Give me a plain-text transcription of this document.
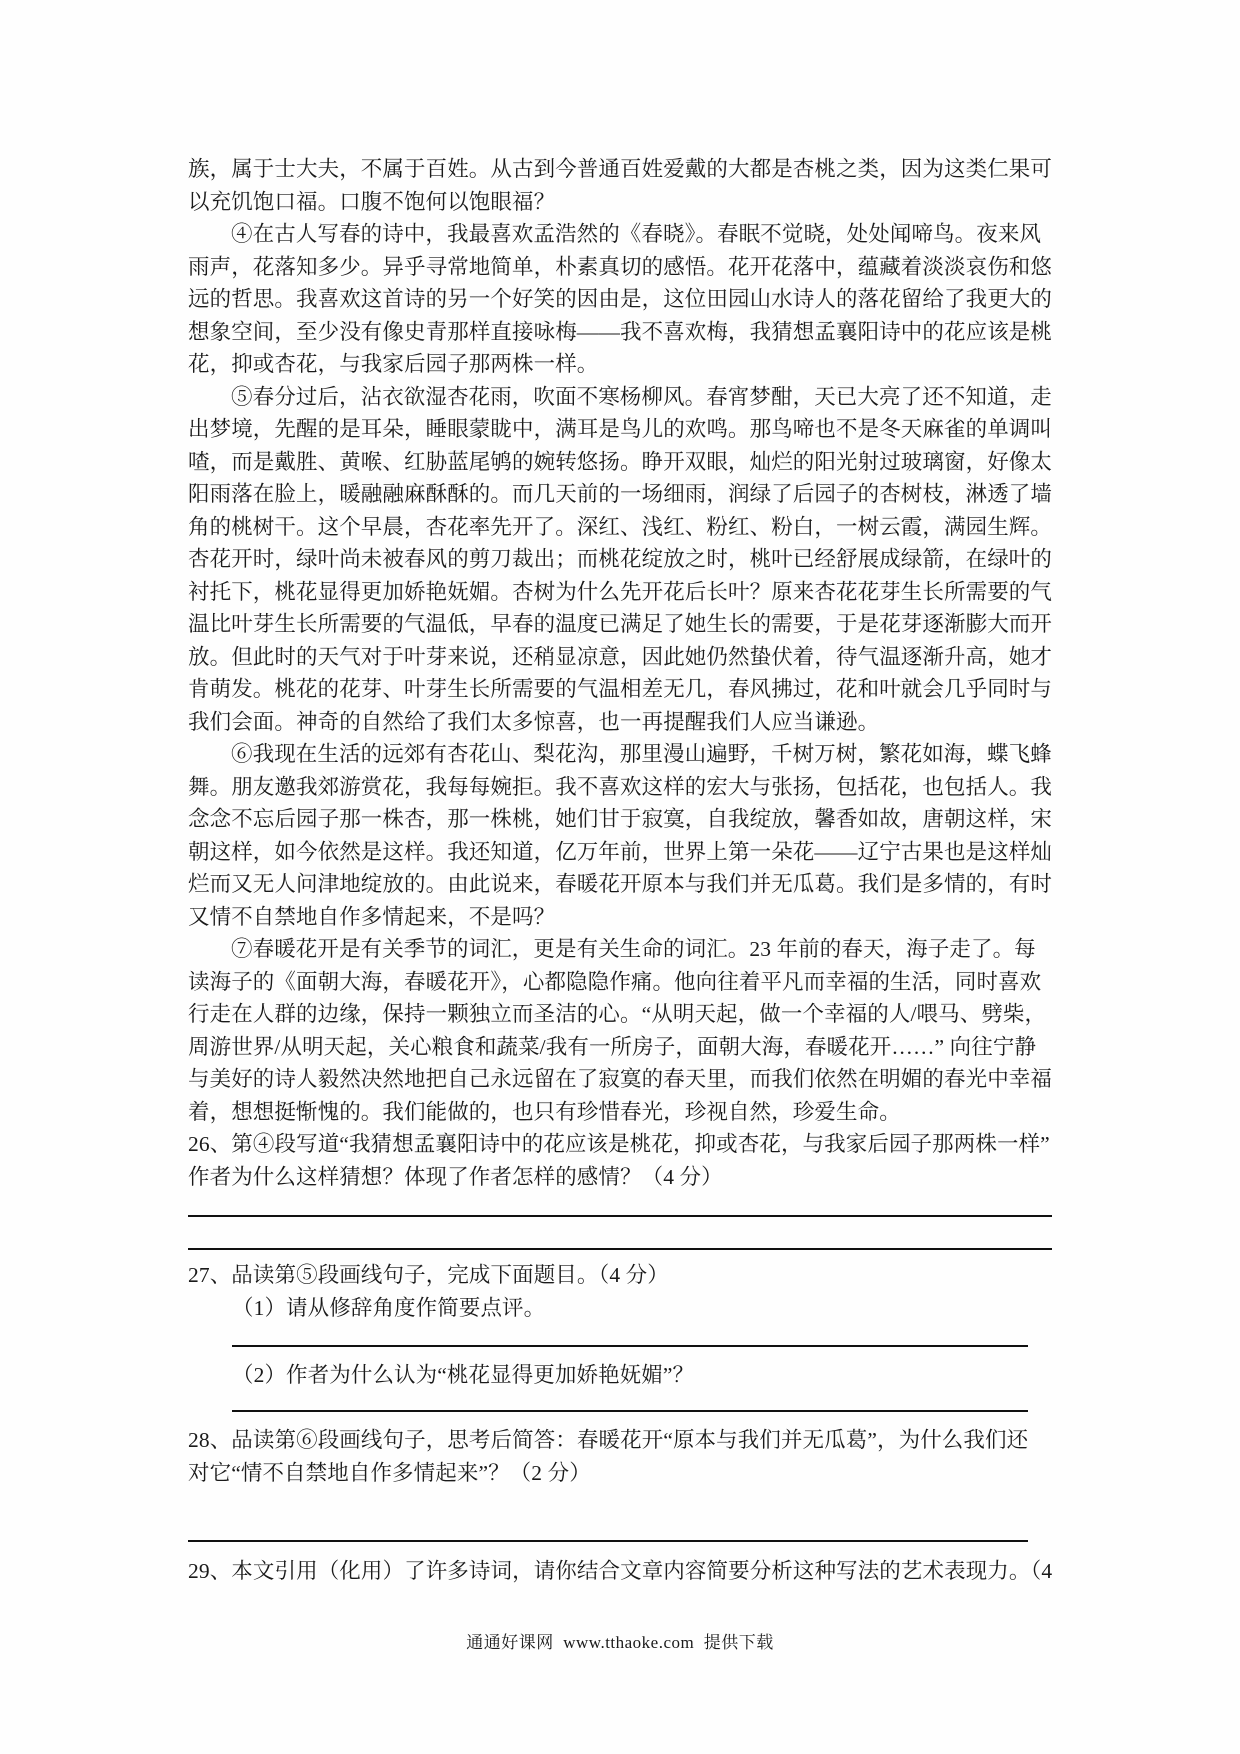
通通好课网  www.tthaoke.com  提供下载
族，属于士大夫，不属于百姓。从古到今普通百姓爱戴的大都是杏桃之类，因为这类仁果可
以充饥饱口福。口腹不饱何以饱眼福？
④在古人写春的诗中，我最喜欢孟浩然的《春晓》。春眠不觉晓，处处闻啼鸟。夜来风
雨声，花落知多少。异乎寻常地简单，朴素真切的感悟。花开花落中，蕴藏着淡淡哀伤和悠
远的哲思。我喜欢这首诗的另一个好笑的因由是，这位田园山水诗人的落花留给了我更大的
想象空间，至少没有像史青那样直接咏梅——我不喜欢梅，我猜想孟襄阳诗中的花应该是桃
花，抑或杏花，与我家后园子那两株一样。
⑤春分过后，沾衣欲湿杏花雨，吹面不寒杨柳风。春宵梦酣，天已大亮了还不知道，走
出梦境，先醒的是耳朵，睡眼蒙眬中，满耳是鸟儿的欢鸣。那鸟啼也不是冬天麻雀的单调叫
喳，而是戴胜、黄喉、红胁蓝尾鸲的婉转悠扬。睁开双眼，灿烂的阳光射过玻璃窗，好像太
阳雨落在脸上，暖融融麻酥酥的。而几天前的一场细雨，润绿了后园子的杏树枝，淋透了墙
角的桃树干。这个早晨，杏花率先开了。深红、浅红、粉红、粉白，一树云霞，满园生辉。
杏花开时，绿叶尚未被春风的剪刀裁出；而桃花绽放之时，桃叶已经舒展成绿箭，在绿叶的
衬托下，桃花显得更加娇艳妩媚。杏树为什么先开花后长叶？原来杏花花芽生长所需要的气
温比叶芽生长所需要的气温低，早春的温度已满足了她生长的需要，于是花芽逐渐膨大而开
放。但此时的天气对于叶芽来说，还稍显凉意，因此她仍然蛰伏着，待气温逐渐升高，她才
肯萌发。桃花的花芽、叶芽生长所需要的气温相差无几，春风拂过，花和叶就会几乎同时与
我们会面。神奇的自然给了我们太多惊喜，也一再提醒我们人应当谦逊。
⑥我现在生活的远郊有杏花山、梨花沟，那里漫山遍野，千树万树，繁花如海，蝶飞蜂
舞。朋友邀我郊游赏花，我每每婉拒。我不喜欢这样的宏大与张扬，包括花，也包括人。我
念念不忘后园子那一株杏，那一株桃，她们甘于寂寞，自我绽放，馨香如故，唐朝这样，宋
朝这样，如今依然是这样。我还知道，亿万年前，世界上第一朵花——辽宁古果也是这样灿
烂而又无人问津地绽放的。由此说来，春暖花开原本与我们并无瓜葛。我们是多情的，有时
又情不自禁地自作多情起来，不是吗？
⑦春暖花开是有关季节的词汇，更是有关生命的词汇。23 年前的春天，海子走了。每
读海子的《面朝大海，春暖花开》，心都隐隐作痛。他向往着平凡而幸福的生活，同时喜欢
行走在人群的边缘，保持一颗独立而圣洁的心。“从明天起，做一个幸福的人/喂马、劈柴，
周游世界/从明天起，关心粮食和蔬菜/我有一所房子，面朝大海，春暖花开……” 向往宁静
与美好的诗人毅然决然地把自己永远留在了寂寞的春天里，而我们依然在明媚的春光中幸福
着，想想挺惭愧的。我们能做的，也只有珍惜春光，珍视自然，珍爱生命。
26、第④段写道“我猜想孟襄阳诗中的花应该是桃花，抑或杏花，与我家后园子那两株一样”
作者为什么这样猜想？体现了作者怎样的感情？（4 分）
27、品读第⑤段画线句子，完成下面题目。（4 分）
（1）请从修辞角度作简要点评。
（2）作者为什么认为“桃花显得更加娇艳妩媚”？
28、品读第⑥段画线句子，思考后简答：春暖花开“原本与我们并无瓜葛”，为什么我们还
对它“情不自禁地自作多情起来”？（2 分）
29、本文引用（化用）了许多诗词，请你结合文章内容简要分析这种写法的艺术表现力。（4
